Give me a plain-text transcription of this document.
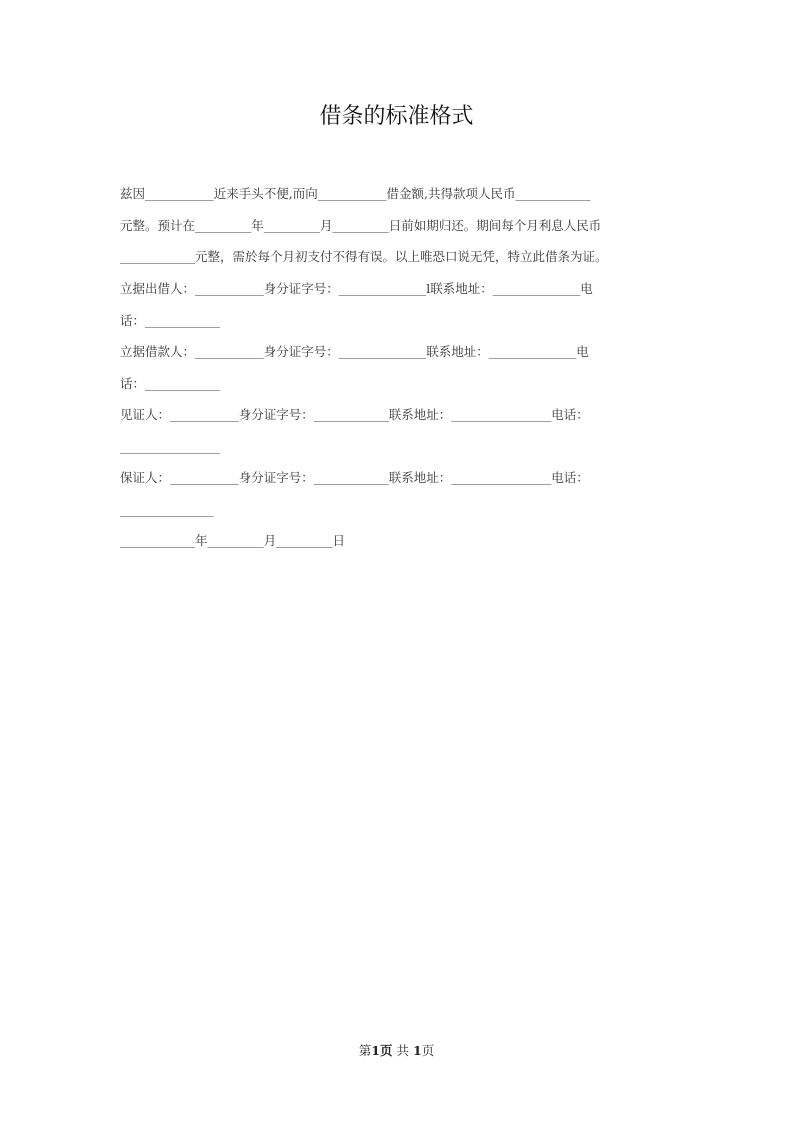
借条的标准格式
兹因___________近来手头不便,而向___________借金额,共得款项人民币____________
元整。预计在_________年_________月_________日前如期归还。期间每个月利息人民币
____________元整，需於每个月初支付不得有误。以上唯恐口说无凭，特立此借条为证。
立据出借人：___________身分证字号：______________l联系地址：______________电
话：____________
立据借款人：___________身分证字号：______________联系地址：______________电
话：____________
见证人：___________身分证字号：____________联系地址：________________电话：
________________
保证人：___________身分证字号：____________联系地址：________________电话：
_______________
____________年_________月_________日
第1页 共 1页
